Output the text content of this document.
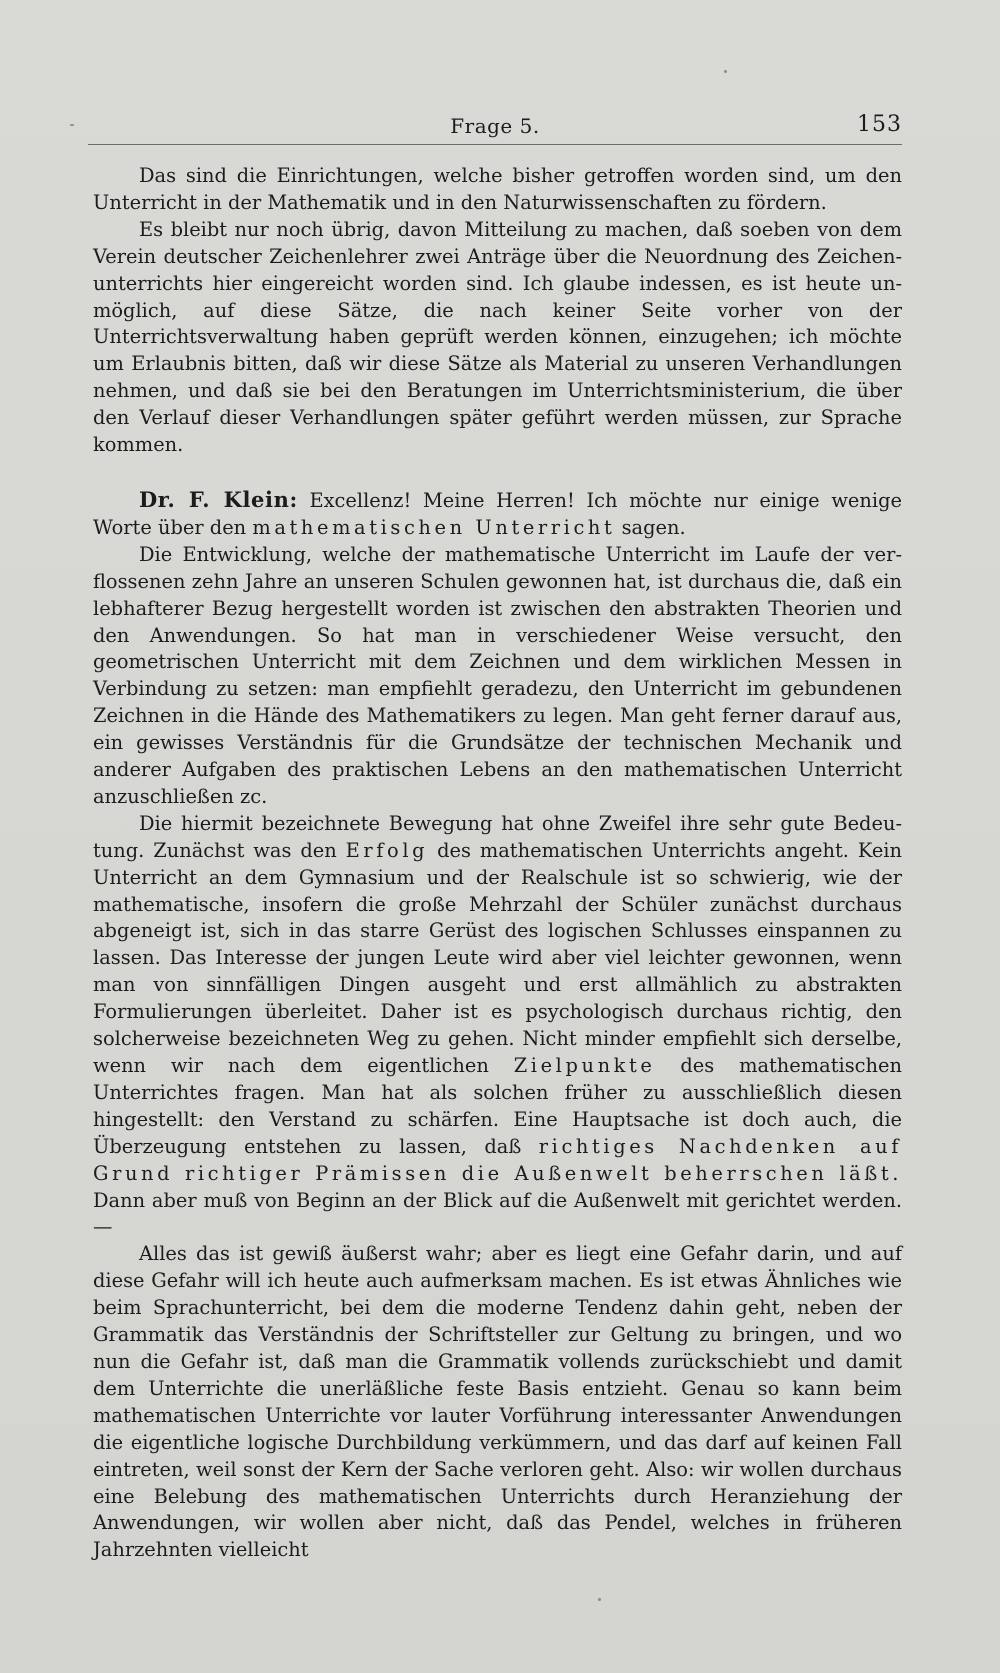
Frage 5.	153

Das sind die Einrichtungen, welche bisher getroffen worden sind, um den Unterricht in der Mathematik und in den Naturwissenschaften zu fördern.

Es bleibt nur noch übrig, davon Mitteilung zu machen, daß soeben von dem Verein deutscher Zeichenlehrer zwei Anträge über die Neuordnung des Zeichenunterrichts hier eingereicht worden sind. Ich glaube indessen, es ist heute unmöglich, auf diese Sätze, die nach keiner Seite vorher von der Unterrichtsverwaltung haben geprüft werden können, einzugehen; ich möchte um Erlaubnis bitten, daß wir diese Sätze als Material zu unseren Verhandlungen nehmen, und daß sie bei den Beratungen im Unterrichtsministerium, die über den Verlauf dieser Verhandlungen später geführt werden müssen, zur Sprache kommen.

Dr. F. Klein: Excellenz! Meine Herren! Ich möchte nur einige wenige Worte über den mathematischen Unterricht sagen.

Die Entwicklung, welche der mathematische Unterricht im Laufe der verflossenen zehn Jahre an unseren Schulen gewonnen hat, ist durchaus die, daß ein lebhafterer Bezug hergestellt worden ist zwischen den abstrakten Theorien und den Anwendungen. So hat man in verschiedener Weise versucht, den geometrischen Unterricht mit dem Zeichnen und dem wirklichen Messen in Verbindung zu setzen: man empfiehlt geradezu, den Unterricht im gebundenen Zeichnen in die Hände des Mathematikers zu legen. Man geht ferner darauf aus, ein gewisses Verständnis für die Grundsätze der technischen Mechanik und anderer Aufgaben des praktischen Lebens an den mathematischen Unterricht anzuschließen zc.

Die hiermit bezeichnete Bewegung hat ohne Zweifel ihre sehr gute Bedeutung. Zunächst was den Erfolg des mathematischen Unterrichts angeht. Kein Unterricht an dem Gymnasium und der Realschule ist so schwierig, wie der mathematische, insofern die große Mehrzahl der Schüler zunächst durchaus abgeneigt ist, sich in das starre Gerüst des logischen Schlusses einspannen zu lassen. Das Interesse der jungen Leute wird aber viel leichter gewonnen, wenn man von sinnfälligen Dingen ausgeht und erst allmählich zu abstrakten Formulierungen überleitet. Daher ist es psychologisch durchaus richtig, den solcherweise bezeichneten Weg zu gehen. Nicht minder empfiehlt sich derselbe, wenn wir nach dem eigentlichen Zielpunkte des mathematischen Unterrichtes fragen. Man hat als solchen früher zu ausschließlich diesen hingestellt: den Verstand zu schärfen. Eine Hauptsache ist doch auch, die Überzeugung entstehen zu lassen, daß richtiges Nachdenken auf Grund richtiger Prämissen die Außenwelt beherrschen läßt. Dann aber muß von Beginn an der Blick auf die Außenwelt mit gerichtet werden. —

Alles das ist gewiß äußerst wahr; aber es liegt eine Gefahr darin, und auf diese Gefahr will ich heute auch aufmerksam machen. Es ist etwas Ähnliches wie beim Sprachunterricht, bei dem die moderne Tendenz dahin geht, neben der Grammatik das Verständnis der Schriftsteller zur Geltung zu bringen, und wo nun die Gefahr ist, daß man die Grammatik vollends zurückschiebt und damit dem Unterrichte die unerläßliche feste Basis entzieht. Genau so kann beim mathematischen Unterrichte vor lauter Vorführung interessanter Anwendungen die eigentliche logische Durchbildung verkümmern, und das darf auf keinen Fall eintreten, weil sonst der Kern der Sache verloren geht. Also: wir wollen durchaus eine Belebung des mathematischen Unterrichts durch Heranziehung der Anwendungen, wir wollen aber nicht, daß das Pendel, welches in früheren Jahrzehnten vielleicht
